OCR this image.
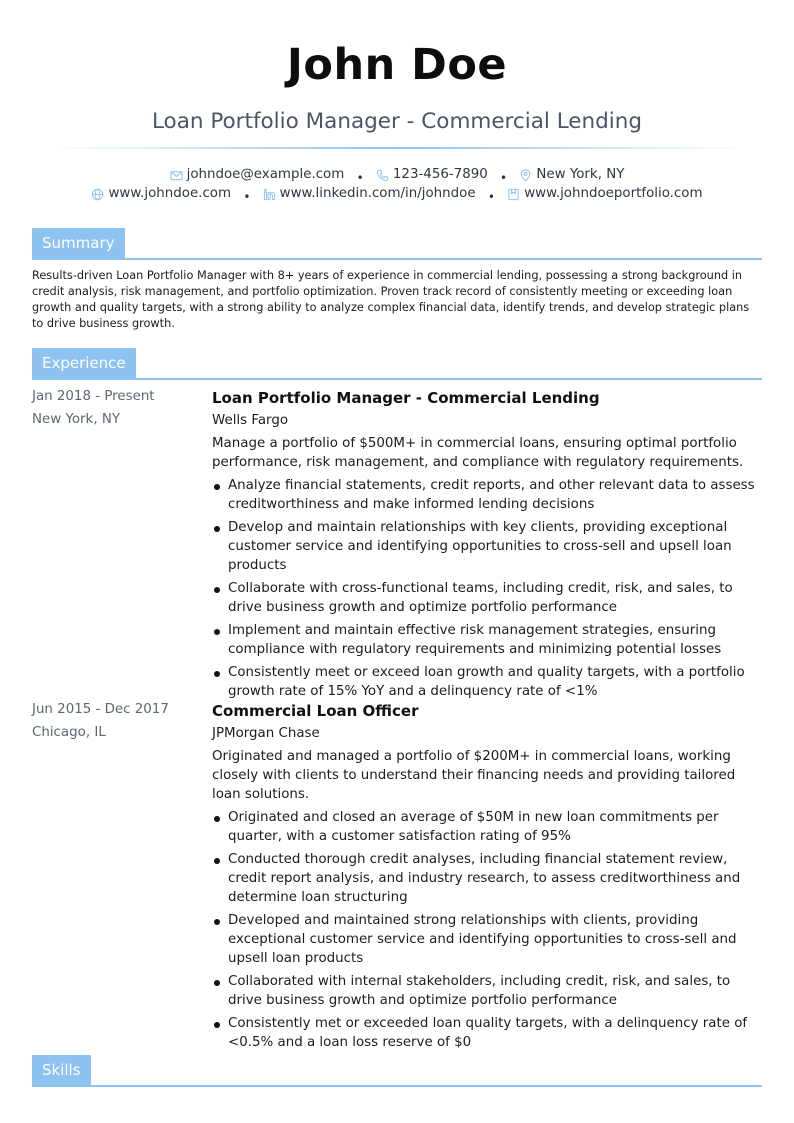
John Doe
Loan Portfolio Manager - Commercial Lending
johndoe@example.com • 123-456-7890 • New York, NY
www.johndoe.com • www.linkedin.com/in/johndoe • www.johndoeportfolio.com
Summary
Results-driven Loan Portfolio Manager with 8+ years of experience in commercial lending, possessing a strong background in credit analysis, risk management, and portfolio optimization. Proven track record of consistently meeting or exceeding loan growth and quality targets, with a strong ability to analyze complex financial data, identify trends, and develop strategic plans to drive business growth.
Experience
Jan 2018 - Present
New York, NY
Loan Portfolio Manager - Commercial Lending
Wells Fargo
Manage a portfolio of $500M+ in commercial loans, ensuring optimal portfolio performance, risk management, and compliance with regulatory requirements.
Analyze financial statements, credit reports, and other relevant data to assess creditworthiness and make informed lending decisions
Develop and maintain relationships with key clients, providing exceptional customer service and identifying opportunities to cross-sell and upsell loan products
Collaborate with cross-functional teams, including credit, risk, and sales, to drive business growth and optimize portfolio performance
Implement and maintain effective risk management strategies, ensuring compliance with regulatory requirements and minimizing potential losses
Consistently meet or exceed loan growth and quality targets, with a portfolio growth rate of 15% YoY and a delinquency rate of <1%
Jun 2015 - Dec 2017
Chicago, IL
Commercial Loan Officer
JPMorgan Chase
Originated and managed a portfolio of $200M+ in commercial loans, working closely with clients to understand their financing needs and providing tailored loan solutions.
Originated and closed an average of $50M in new loan commitments per quarter, with a customer satisfaction rating of 95%
Conducted thorough credit analyses, including financial statement review, credit report analysis, and industry research, to assess creditworthiness and determine loan structuring
Developed and maintained strong relationships with clients, providing exceptional customer service and identifying opportunities to cross-sell and upsell loan products
Collaborated with internal stakeholders, including credit, risk, and sales, to drive business growth and optimize portfolio performance
Consistently met or exceeded loan quality targets, with a delinquency rate of <0.5% and a loan loss reserve of $0
Skills
